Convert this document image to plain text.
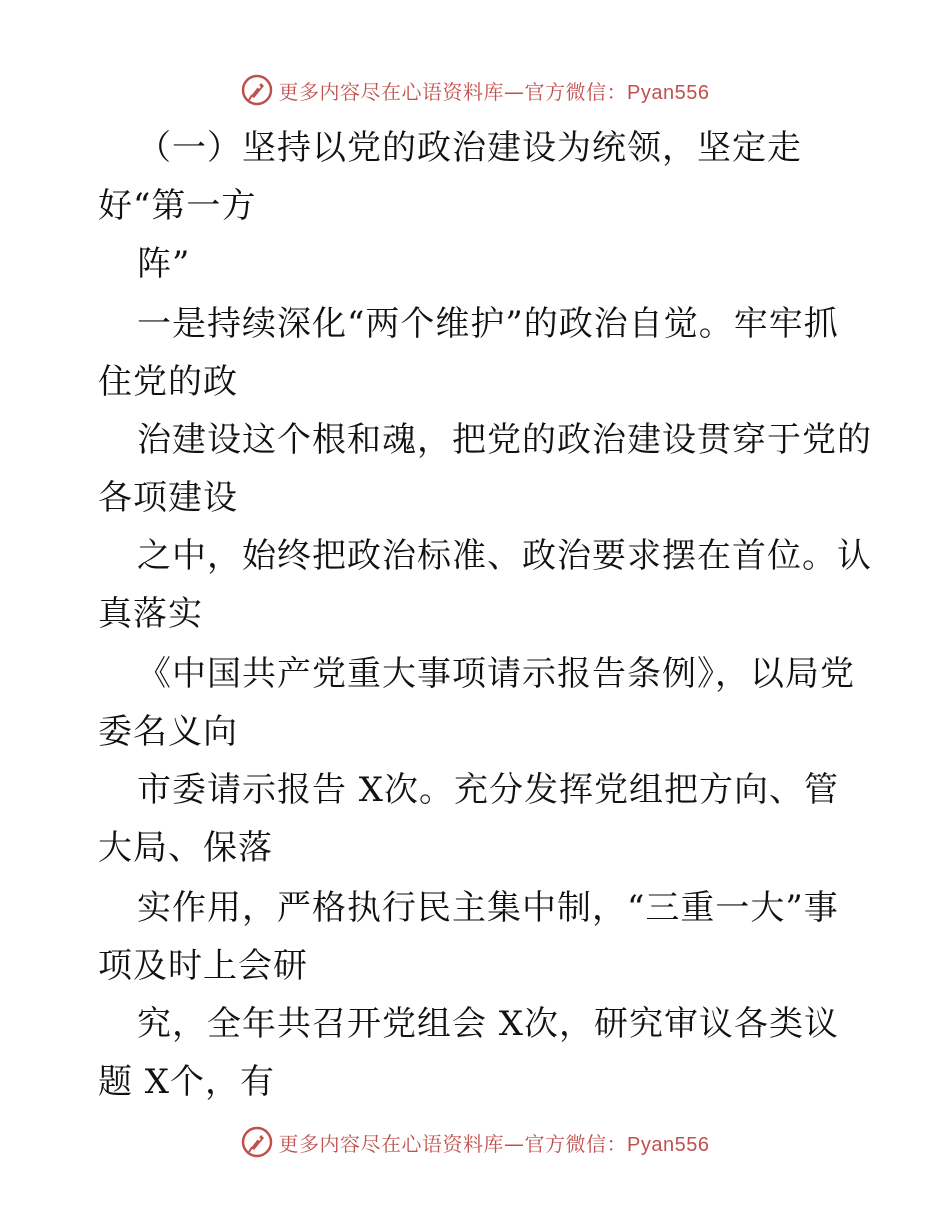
更多内容尽在心语资料库—官方微信：Pyan556
（一）坚持以党的政治建设为统领，坚定走
好“第一方
阵”
一是持续深化“两个维护”的政治自觉。牢牢抓
住党的政
治建设这个根和魂，把党的政治建设贯穿于党的
各项建设
之中，始终把政治标准、政治要求摆在首位。认
真落实
《中国共产党重大事项请示报告条例》，以局党
委名义向
市委请示报告 X次。充分发挥党组把方向、管
大局、保落
实作用，严格执行民主集中制，“三重一大”事
项及时上会研
究，全年共召开党组会 X次，研究审议各类议
题 X个，有
更多内容尽在心语资料库—官方微信：Pyan556
